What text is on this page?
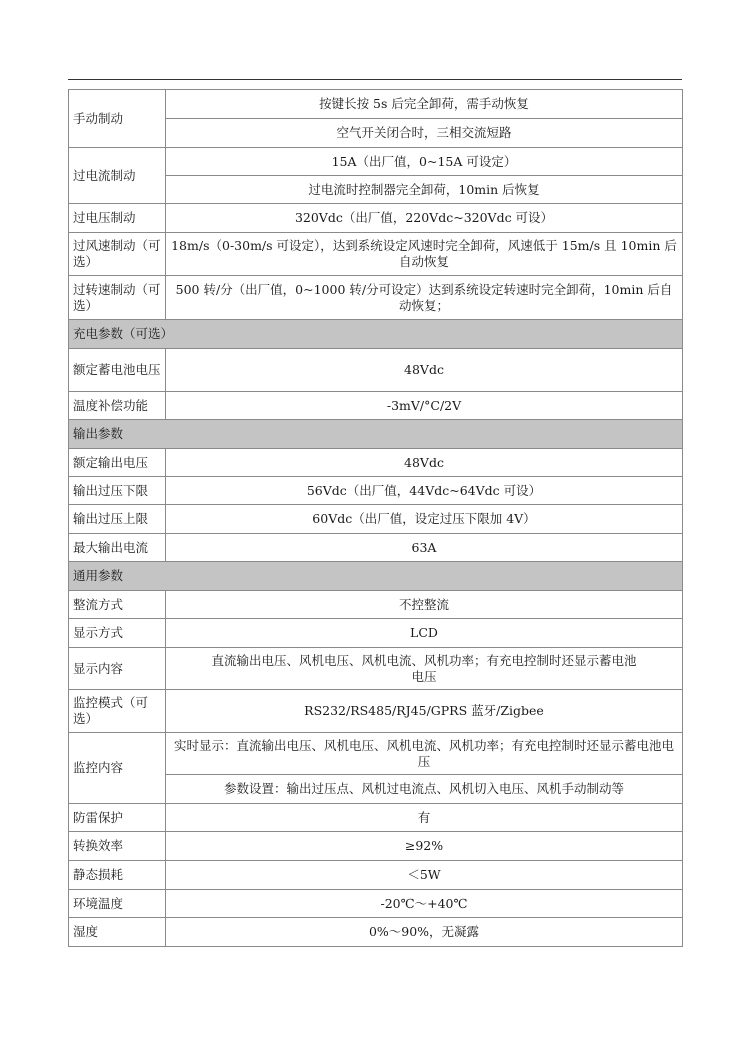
手动制动	按键长按 5s 后完全卸荷，需手动恢复
	空气开关闭合时，三相交流短路
过电流制动	15A（出厂值，0~15A 可设定）
	过电流时控制器完全卸荷，10min 后恢复
过电压制动	320Vdc（出厂值，220Vdc~320Vdc 可设）
过风速制动（可选）	18m/s（0-30m/s 可设定），达到系统设定风速时完全卸荷，风速低于 15m/s 且 10min 后自动恢复
过转速制动（可选）	500 转/分（出厂值，0~1000 转/分可设定）达到系统设定转速时完全卸荷，10min 后自动恢复；
充电参数（可选）	
额定蓄电池电压	48Vdc
温度补偿功能	-3mV/°C/2V
输出参数	
额定输出电压	48Vdc
输出过压下限	56Vdc（出厂值，44Vdc~64Vdc 可设）
输出过压上限	60Vdc（出厂值，设定过压下限加 4V）
最大输出电流	63A
通用参数	
整流方式	不控整流
显示方式	LCD
显示内容	直流输出电压、风机电压、风机电流、风机功率；有充电控制时还显示蓄电池电压
监控模式（可选）	RS232/RS485/RJ45/GPRS 蓝牙/Zigbee
监控内容	实时显示：直流输出电压、风机电压、风机电流、风机功率；有充电控制时还显示蓄电池电压
	参数设置：输出过压点、风机过电流点、风机切入电压、风机手动制动等
防雷保护	有
转换效率	≥92%
静态损耗	＜5W
环境温度	-20℃～+40℃
湿度	0%～90%，无凝露
